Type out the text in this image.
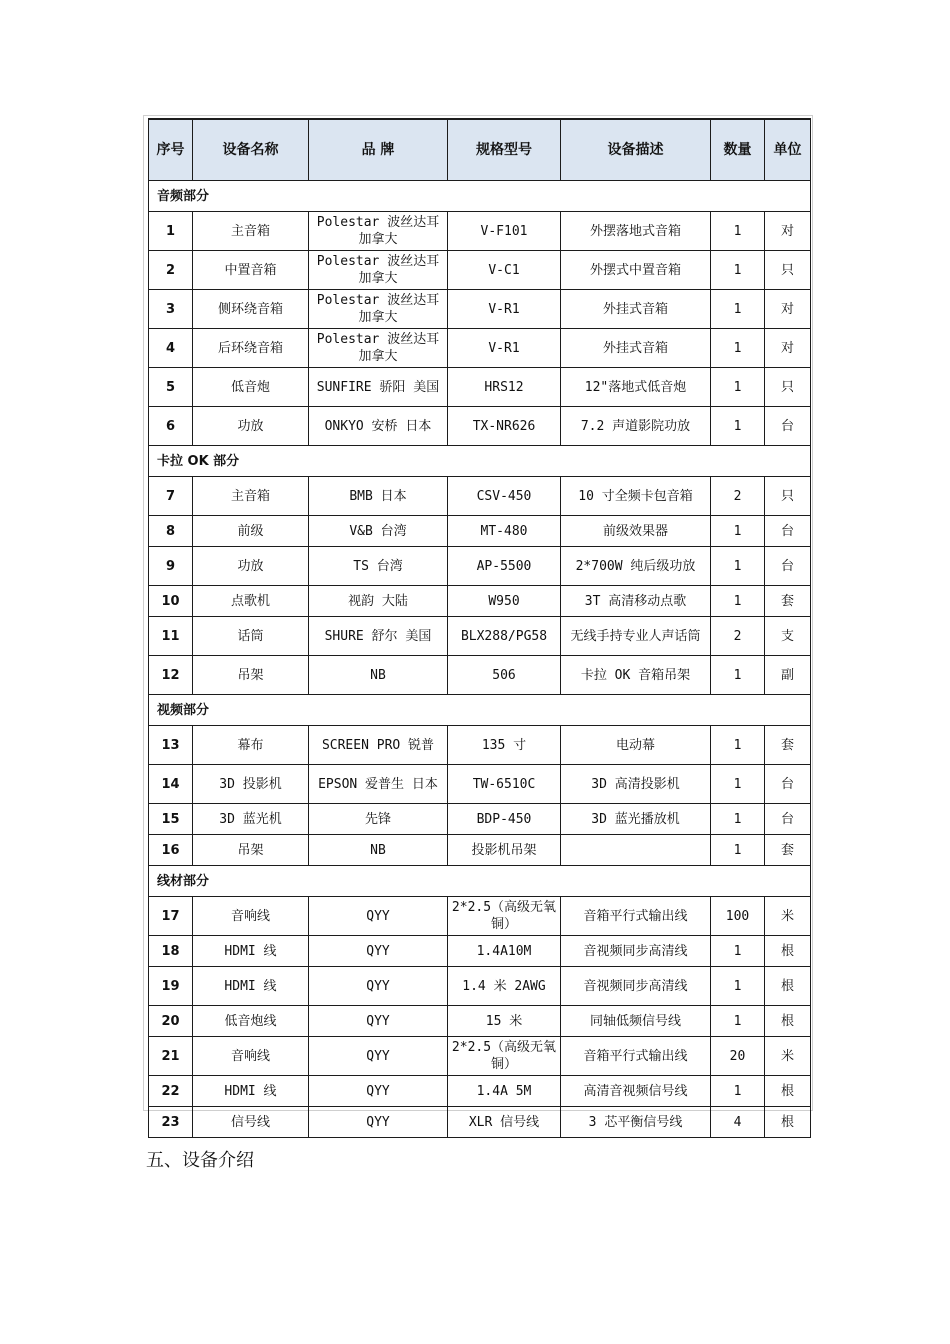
序号	设备名称	品 牌	规格型号	设备描述	数量	单位
音频部分						
1	主音箱	Polestar 波丝达耳 加拿大	V-F101	外摆落地式音箱	1	对
2	中置音箱	Polestar 波丝达耳 加拿大	V-C1	外摆式中置音箱	1	只
3	侧环绕音箱	Polestar 波丝达耳 加拿大	V-R1	外挂式音箱	1	对
4	后环绕音箱	Polestar 波丝达耳 加拿大	V-R1	外挂式音箱	1	对
5	低音炮	SUNFIRE 骄阳 美国	HRS12	12"落地式低音炮	1	只
6	功放	ONKYO 安桥 日本	TX-NR626	7.2 声道影院功放	1	台
卡拉 OK 部分						
7	主音箱	BMB 日本	CSV-450	10 寸全频卡包音箱	2	只
8	前级	V&B 台湾	MT-480	前级效果器	1	台
9	功放	TS 台湾	AP-5500	2*700W 纯后级功放	1	台
10	点歌机	视韵 大陆	W950	3T 高清移动点歌	1	套
11	话筒	SHURE 舒尔 美国	BLX288/PG58	无线手持专业人声话筒	2	支
12	吊架	NB	506	卡拉 OK 音箱吊架	1	副
视频部分						
13	幕布	SCREEN PRO 锐普	135 寸	电动幕	1	套
14	3D 投影机	EPSON 爱普生 日本	TW-6510C	3D 高清投影机	1	台
15	3D 蓝光机	先锋	BDP-450	3D 蓝光播放机	1	台
16	吊架	NB	投影机吊架		1	套
线材部分						
17	音响线	QYY	2*2.5（高级无氧铜）	音箱平行式输出线	100	米
18	HDMI 线	QYY	1.4A10M	音视频同步高清线	1	根
19	HDMI 线	QYY	1.4 米 2AWG	音视频同步高清线	1	根
20	低音炮线	QYY	15 米	同轴低频信号线	1	根
21	音响线	QYY	2*2.5（高级无氧铜）	音箱平行式输出线	20	米
22	HDMI 线	QYY	1.4A 5M	高清音视频信号线	1	根
23	信号线	QYY	XLR 信号线	3 芯平衡信号线	4	根
五、设备介绍
